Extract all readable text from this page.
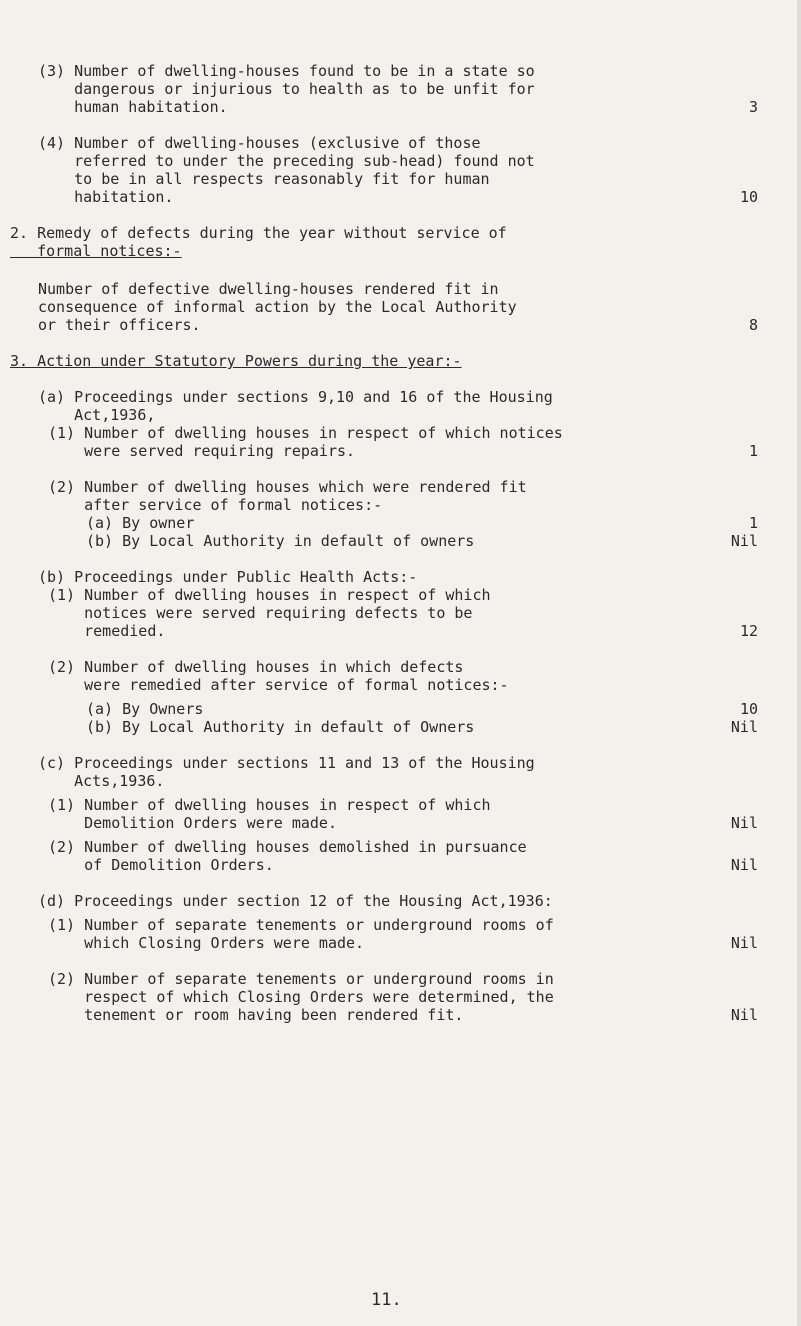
(3) Number of dwelling-houses found to be in a state so
dangerous or injurious to health as to be unfit for
human habitation.	3
(4) Number of dwelling-houses (exclusive of those
referred to under the preceding sub-head) found not
to be in all respects reasonably fit for human
habitation.	10
2. Remedy of defects during the year without service of
formal notices:-
Number of defective dwelling-houses rendered fit in
consequence of informal action by the Local Authority
or their officers.	8
3. Action under Statutory Powers during the year:-
(a) Proceedings under sections 9,10 and 16 of the Housing
Act,1936,
(1) Number of dwelling houses in respect of which notices
were served requiring repairs.	1
(2) Number of dwelling houses which were rendered fit
after service of formal notices:-
(a) By owner	1
(b) By Local Authority in default of owners	Nil
(b) Proceedings under Public Health Acts:-
(1) Number of dwelling houses in respect of which
notices were served requiring defects to be
remedied.	12
(2) Number of dwelling houses in which defects
were remedied after service of formal notices:-
(a) By Owners	10
(b) By Local Authority in default of Owners	Nil
(c) Proceedings under sections 11 and 13 of the Housing
Acts,1936.
(1) Number of dwelling houses in respect of which
Demolition Orders were made.	Nil
(2) Number of dwelling houses demolished in pursuance
of Demolition Orders.	Nil
(d) Proceedings under section 12 of the Housing Act,1936:
(1) Number of separate tenements or underground rooms of
which Closing Orders were made.	Nil
(2) Number of separate tenements or underground rooms in
respect of which Closing Orders were determined, the
tenement or room having been rendered fit.	Nil
11.
